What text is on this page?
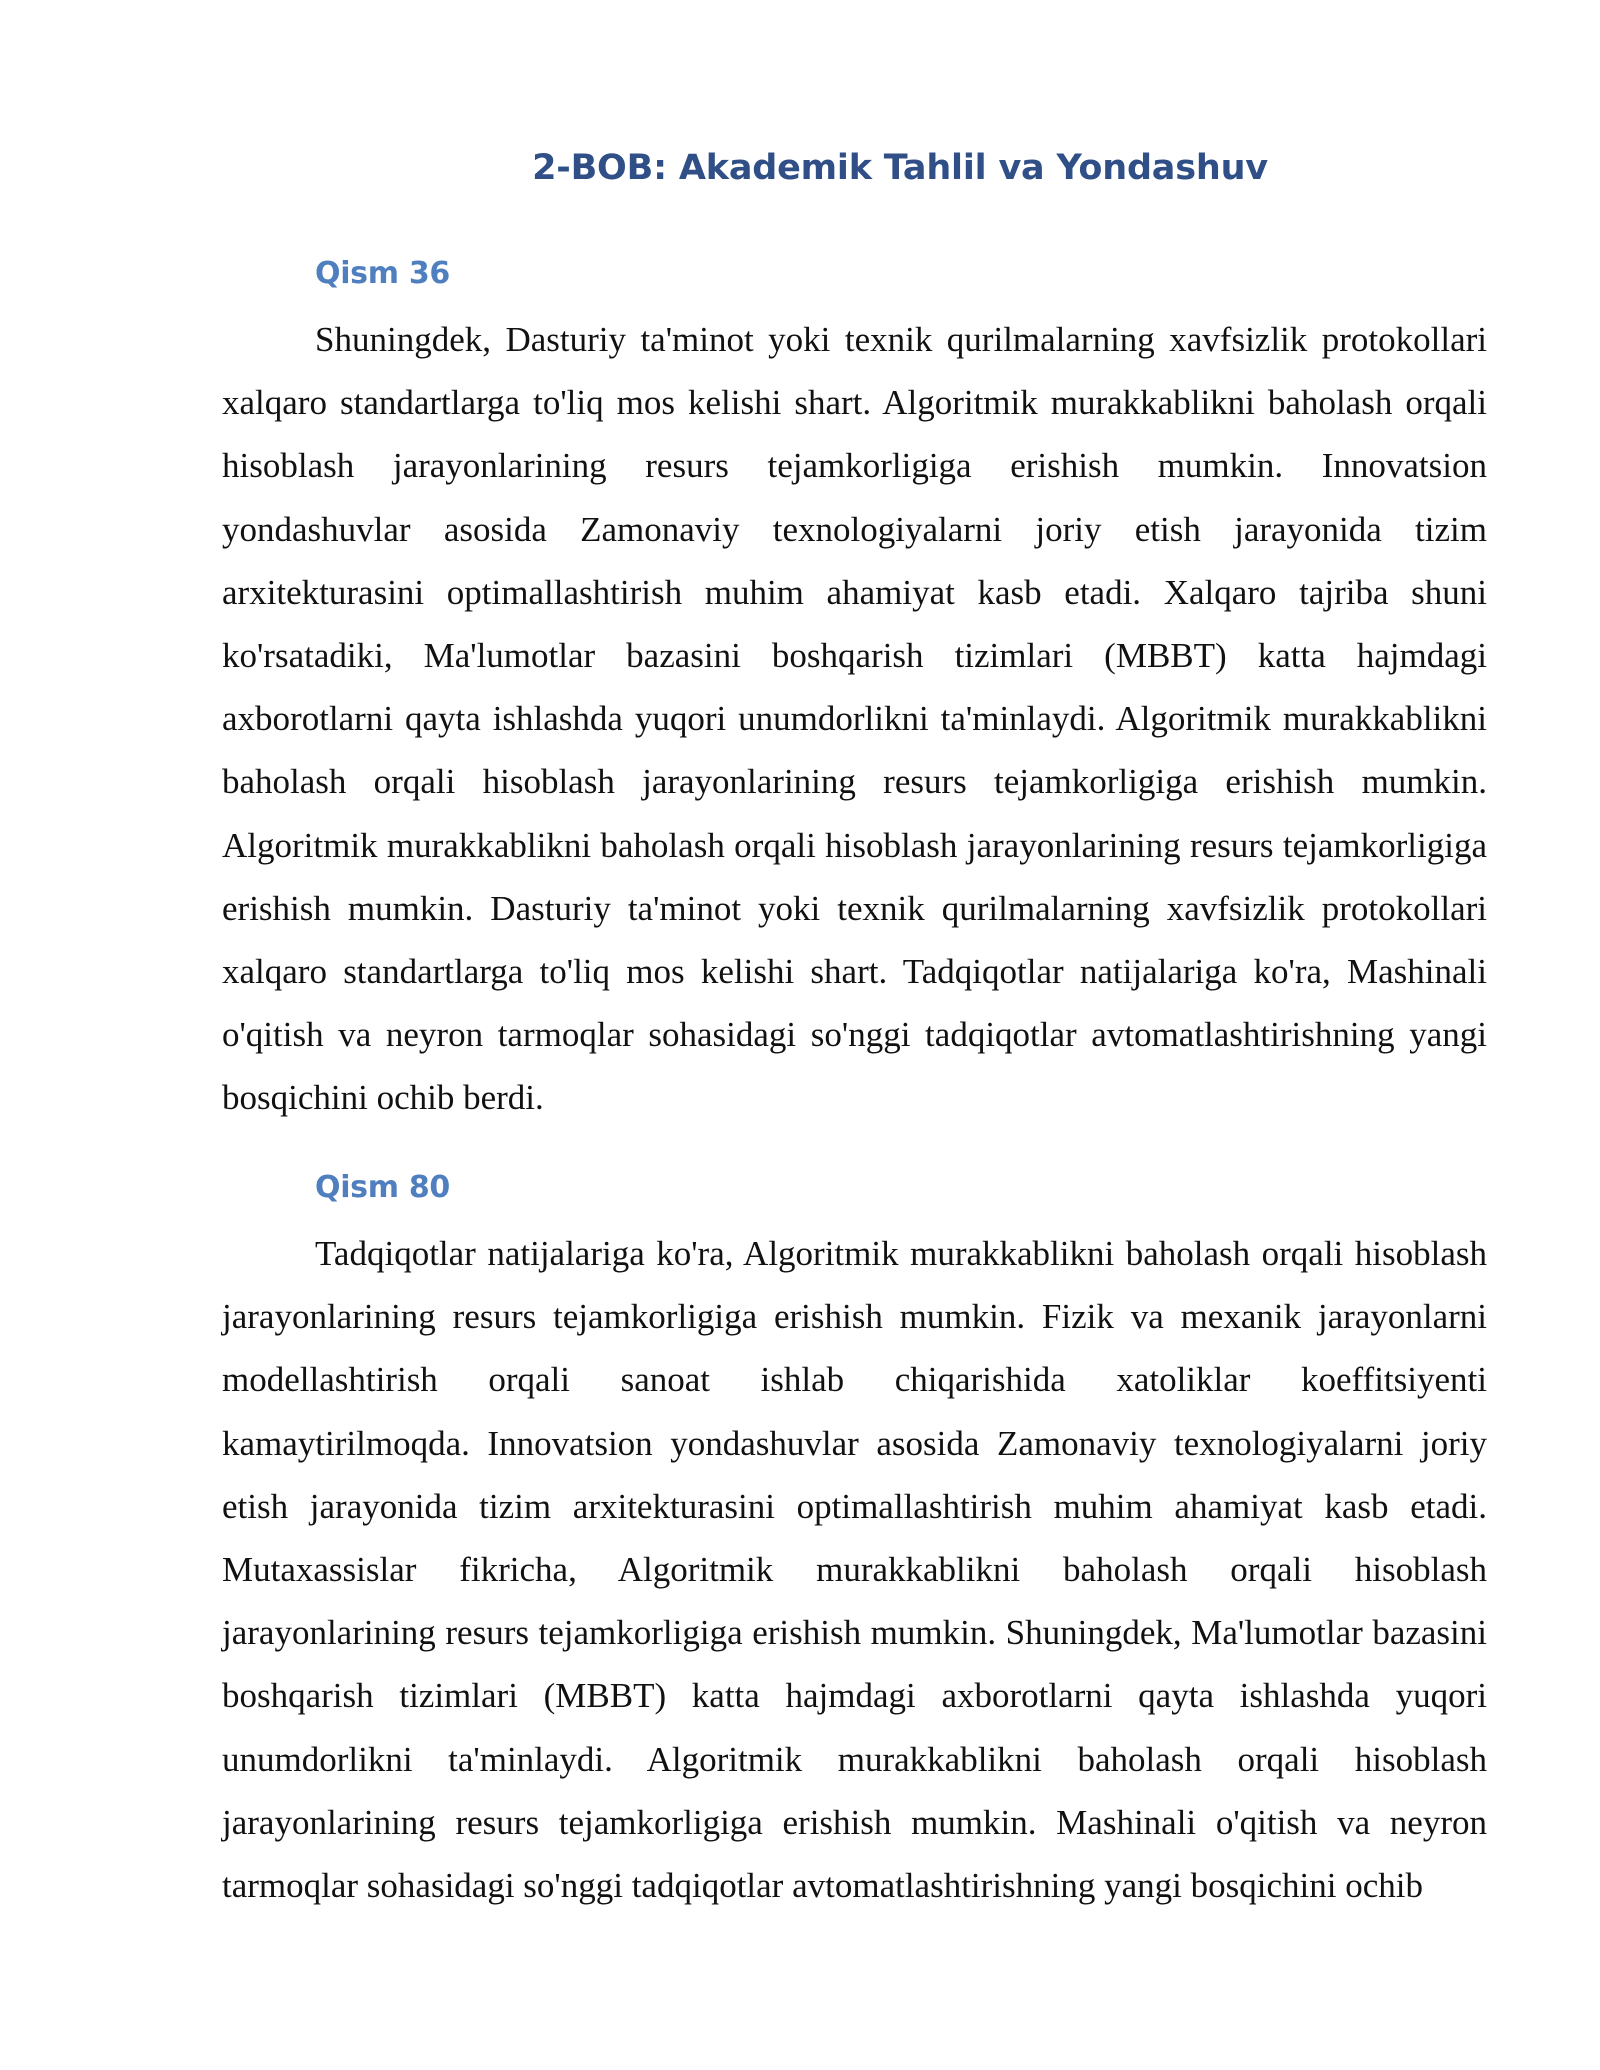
2-BOB: Akademik Tahlil va Yondashuv
Qism 36

Shuningdek, Dasturiy ta'minot yoki texnik qurilmalarning xavfsizlik protokollari xalqaro standartlarga to'liq mos kelishi shart. Algoritmik murakkablikni baholash orqali hisoblash jarayonlarining resurs tejamkorligiga erishish mumkin. Innovatsion yondashuvlar asosida Zamonaviy texnologiyalarni joriy etish jarayonida tizim arxitekturasini optimallashtirish muhim ahamiyat kasb etadi. Xalqaro tajriba shuni ko'rsatadiki, Ma'lumotlar bazasini boshqarish tizimlari (MBBT) katta hajmdagi axborotlarni qayta ishlashda yuqori unumdorlikni ta'minlaydi. Algoritmik murakkablikni baholash orqali hisoblash jarayonlarining resurs tejamkorligiga erishish mumkin. Algoritmik murakkablikni baholash orqali hisoblash jarayonlarining resurs tejamkorligiga erishish mumkin. Dasturiy ta'minot yoki texnik qurilmalarning xavfsizlik protokollari xalqaro standartlarga to'liq mos kelishi shart. Tadqiqotlar natijalariga ko'ra, Mashinali o'qitish va neyron tarmoqlar sohasidagi so'nggi tadqiqotlar avtomatlashtirishning yangi bosqichini ochib berdi.

Qism 80

Tadqiqotlar natijalariga ko'ra, Algoritmik murakkablikni baholash orqali hisoblash jarayonlarining resurs tejamkorligiga erishish mumkin. Fizik va mexanik jarayonlarni modellashtirish orqali sanoat ishlab chiqarishida xatoliklar koeffitsiyenti kamaytirilmoqda. Innovatsion yondashuvlar asosida Zamonaviy texnologiyalarni joriy etish jarayonida tizim arxitekturasini optimallashtirish muhim ahamiyat kasb etadi. Mutaxassislar fikricha, Algoritmik murakkablikni baholash orqali hisoblash jarayonlarining resurs tejamkorligiga erishish mumkin. Shuningdek, Ma'lumotlar bazasini boshqarish tizimlari (MBBT) katta hajmdagi axborotlarni qayta ishlashda yuqori unumdorlikni ta'minlaydi. Algoritmik murakkablikni baholash orqali hisoblash jarayonlarining resurs tejamkorligiga erishish mumkin. Mashinali o'qitish va neyron tarmoqlar sohasidagi so'nggi tadqiqotlar avtomatlashtirishning yangi bosqichini ochib
